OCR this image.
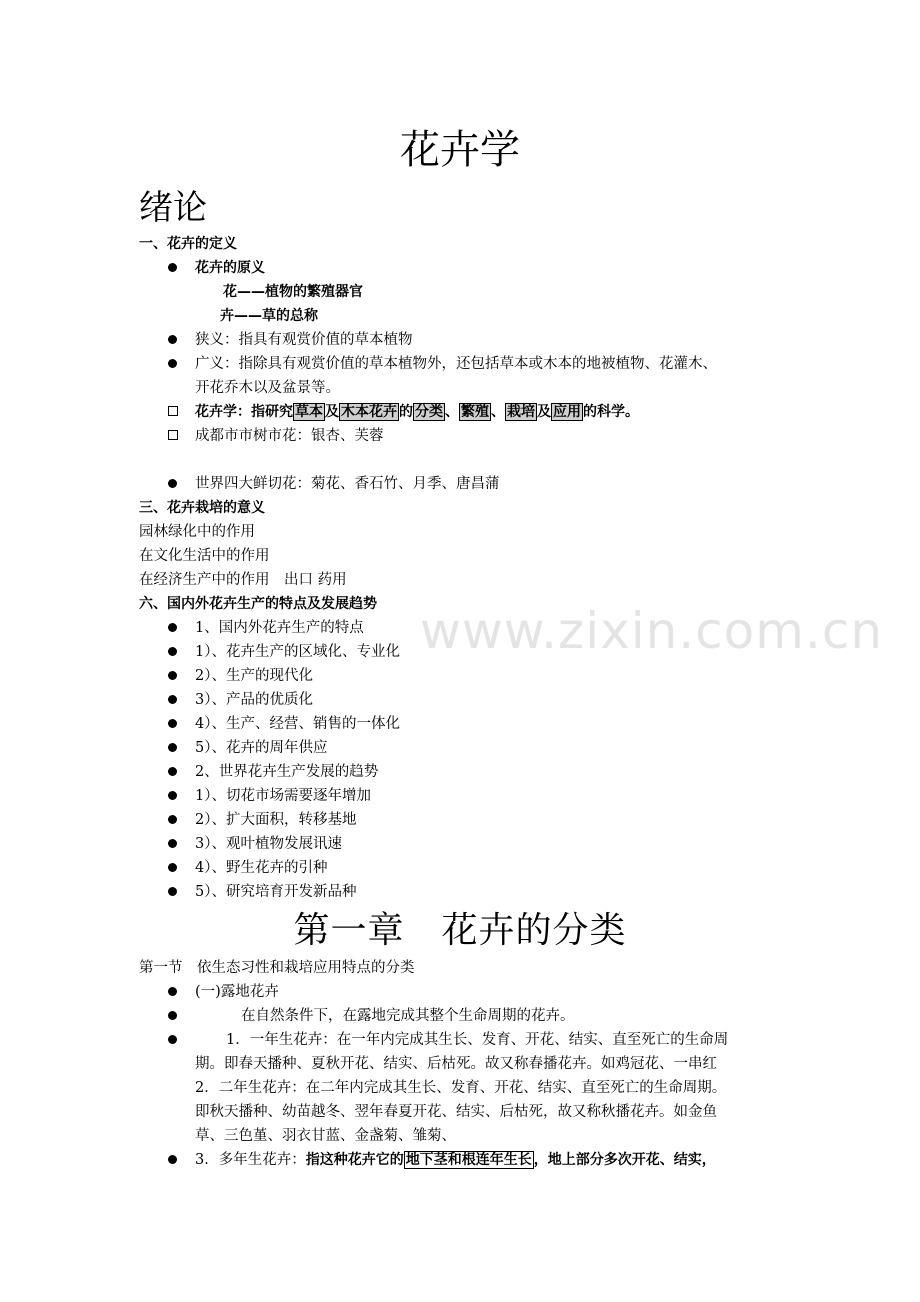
www.zixin.com.cn
花卉学
绪论
一、花卉的定义
花卉的原义
花——植物的繁殖器官
卉——草的总称
狭义：指具有观赏价值的草本植物
广义：指除具有观赏价值的草本植物外，还包括草本或木本的地被植物、花灌木、
开花乔木以及盆景等。
花卉学：指研究 草本 及 木本花卉 的 分类 、 繁殖 、 栽培 及 应用 的科学。
成都市市树市花：银杏、芙蓉
世界四大鲜切花：菊花、香石竹、月季、唐昌蒲
三、花卉栽培的意义
园林绿化中的作用
在文化生活中的作用
在经济生产中的作用　出口 药用
六、国内外花卉生产的特点及发展趋势
1、国内外花卉生产的特点
1）、花卉生产的区域化、专业化
2）、生产的现代化
3）、产品的优质化
4）、生产、经营、销售的一体化
5）、花卉的周年供应
2、世界花卉生产发展的趋势
1）、切花市场需要逐年增加
2）、扩大面积，转移基地
3）、观叶植物发展讯速
4）、野生花卉的引种
5）、研究培育开发新品种
第一章　花卉的分类
第一节　依生态习性和栽培应用特点的分类
(一)露地花卉
在自然条件下，在露地完成其整个生命周期的花卉。
1．一年生花卉：在一年内完成其生长、发育、开花、结实、直至死亡的生命周
期。即春天播种、夏秋开花、结实、后枯死。故又称春播花卉。如鸡冠花、一串红
2．二年生花卉：在二年内完成其生长、发育、开花、结实、直至死亡的生命周期。
即秋天播种、幼苗越冬、翌年春夏开花、结实、后枯死，故又称秋播花卉。如金鱼
草、三色堇、羽衣甘蓝、金盏菊、雏菊、
3．多年生花卉：指这种花卉它的 地下茎和根连年生长 ，地上部分多次开花、结实，
